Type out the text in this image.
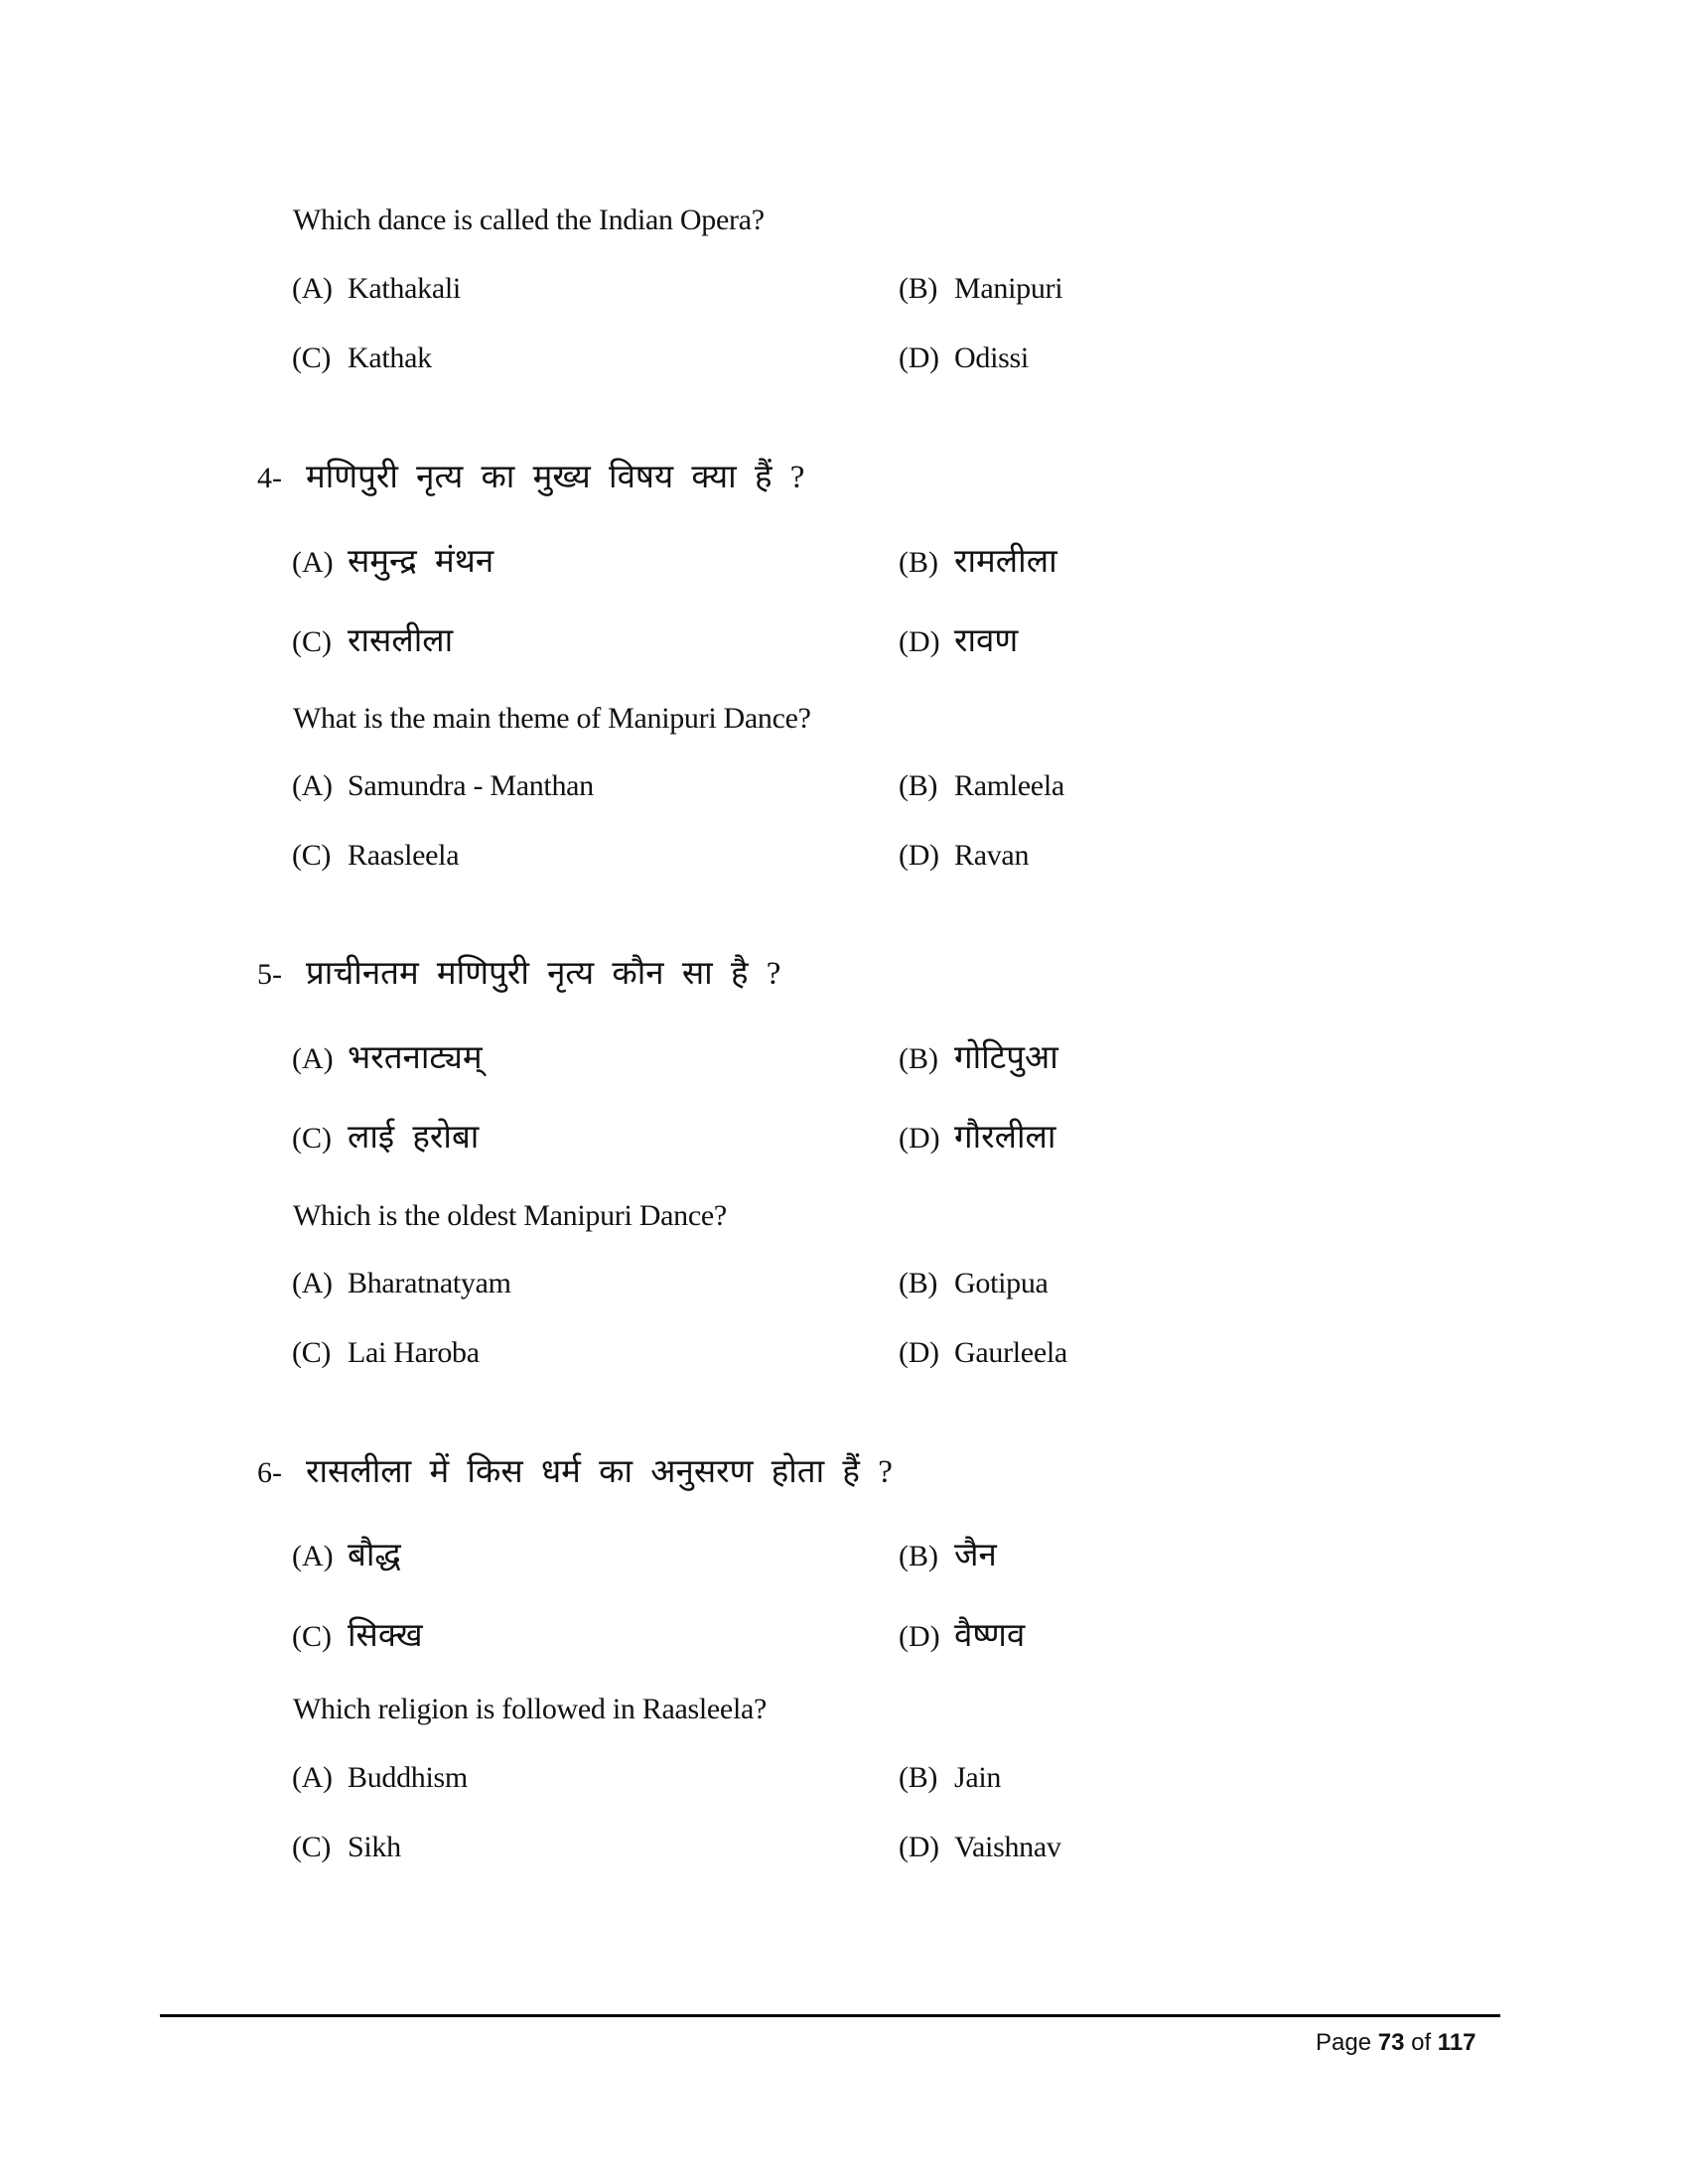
Which dance is called the Indian Opera?
(A) Kathakali	(B) Manipuri
(C) Kathak	(D) Odissi
4- मणिपुरी नृत्य का मुख्य विषय क्या हैं ?
(A) समुन्द्र मंथन	(B) रामलीला
(C) रासलीला	(D) रावण
What is the main theme of Manipuri Dance?
(A) Samundra - Manthan	(B) Ramleela
(C) Raasleela	(D) Ravan
5- प्राचीनतम मणिपुरी नृत्य कौन सा है ?
(A) भरतनाट्यम्	(B) गोटिपुआ
(C) लाई हरोबा	(D) गौरलीला
Which is the oldest Manipuri Dance?
(A) Bharatnatyam	(B) Gotipua
(C) Lai Haroba	(D) Gaurleela
6- रासलीला में किस धर्म का अनुसरण होता हैं ?
(A) बौद्ध	(B) जैन
(C) सिक्ख	(D) वैष्णव
Which religion is followed in Raasleela?
(A) Buddhism	(B) Jain
(C) Sikh	(D) Vaishnav
Page 73 of 117
